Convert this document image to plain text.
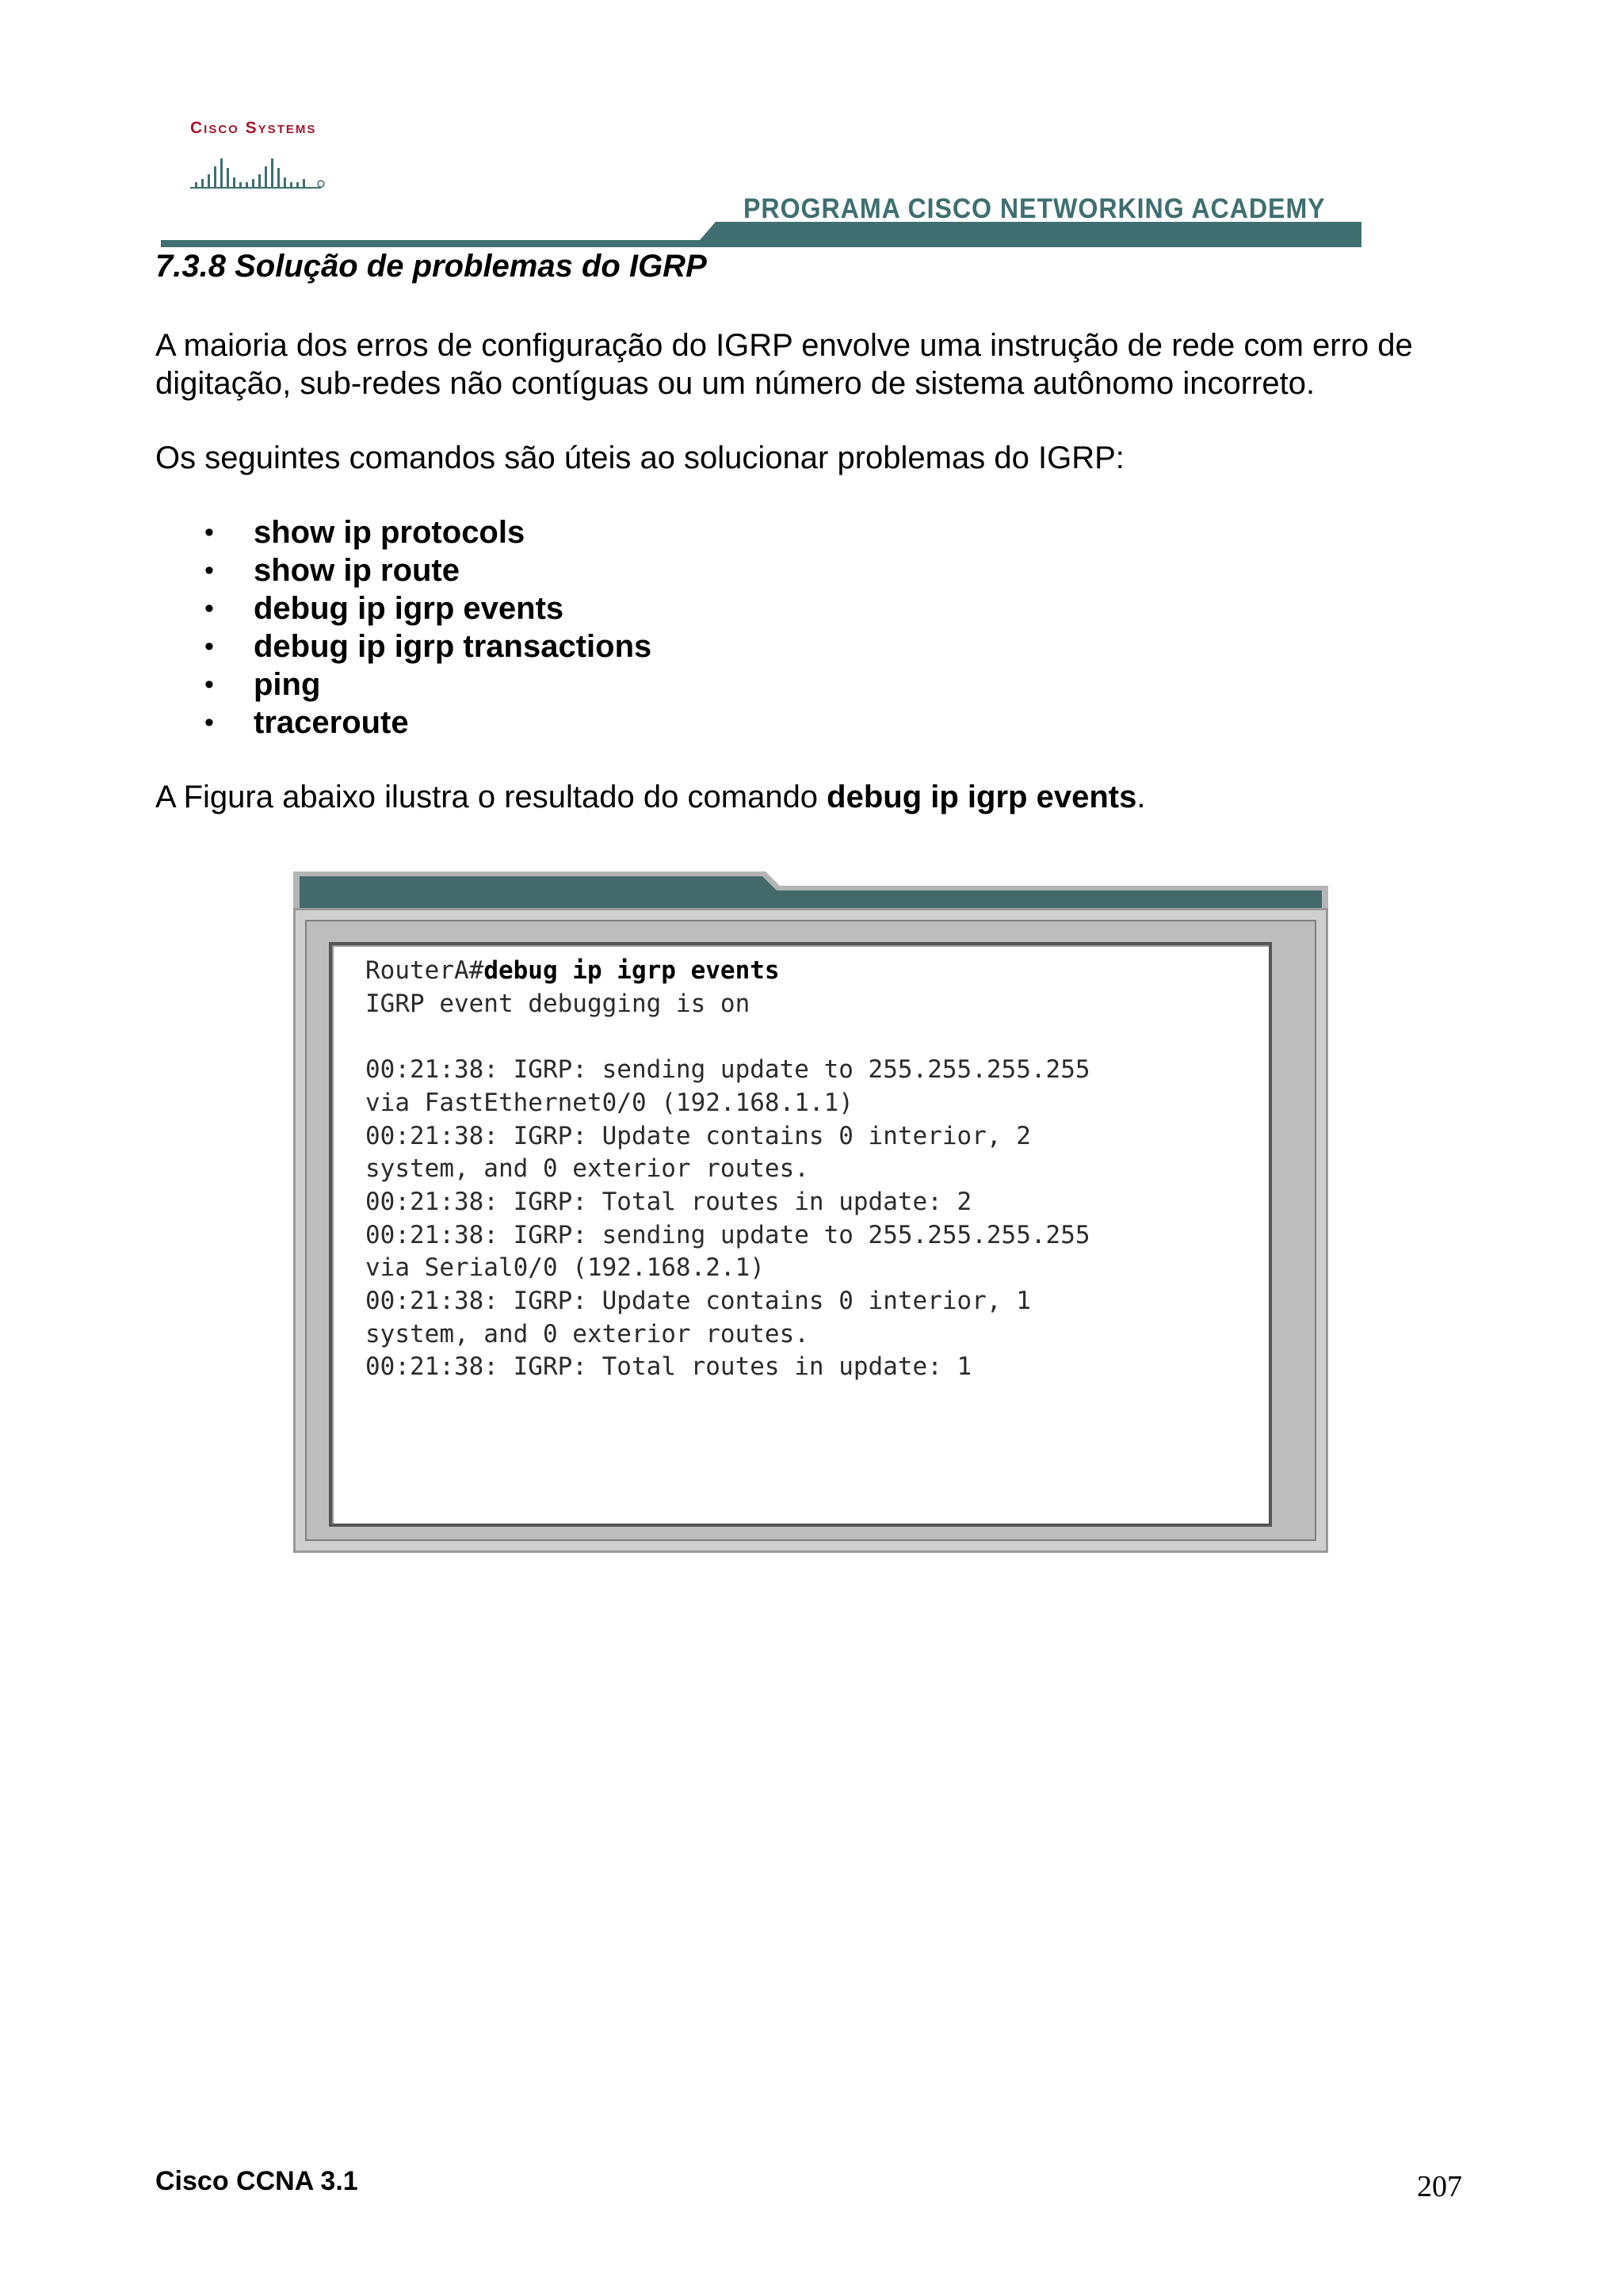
Cisco Systems
PROGRAMA CISCO NETWORKING ACADEMY
7.3.8 Solução de problemas do IGRP
A maioria dos erros de configuração do IGRP envolve uma instrução de rede com erro de digitação, sub-redes não contíguas ou um número de sistema autônomo incorreto.
Os seguintes comandos são úteis ao solucionar problemas do IGRP:
• show ip protocols
• show ip route
• debug ip igrp events
• debug ip igrp transactions
• ping
• traceroute
A Figura abaixo ilustra o resultado do comando debug ip igrp events.
RouterA#debug ip igrp events
IGRP event debugging is on

00:21:38: IGRP: sending update to 255.255.255.255
via FastEthernet0/0 (192.168.1.1)
00:21:38: IGRP: Update contains 0 interior, 2
system, and 0 exterior routes.
00:21:38: IGRP: Total routes in update: 2
00:21:38: IGRP: sending update to 255.255.255.255
via Serial0/0 (192.168.2.1)
00:21:38: IGRP: Update contains 0 interior, 1
system, and 0 exterior routes.
00:21:38: IGRP: Total routes in update: 1
Cisco CCNA 3.1	207
